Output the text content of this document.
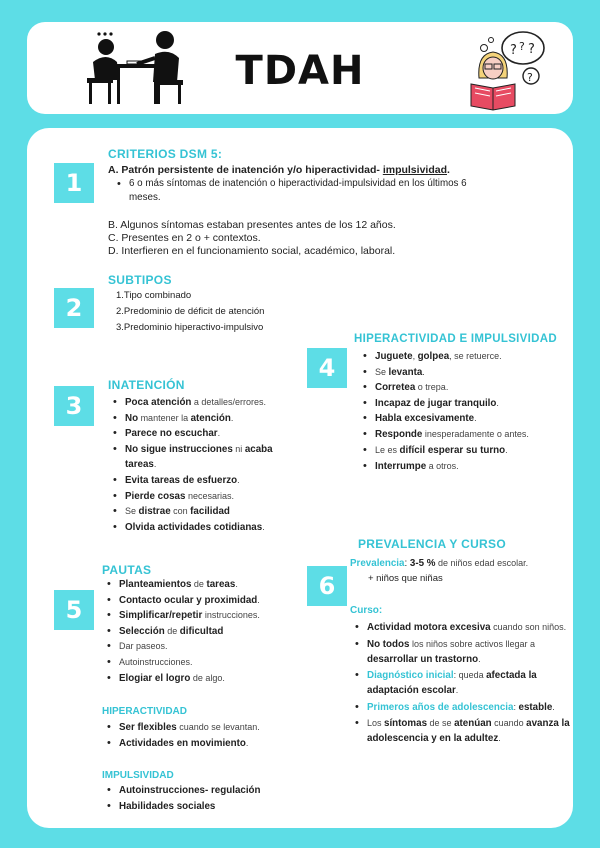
TDAH	? ? ?
?
1
CRITERIOS DSM 5:
A. Patrón persistente de inatención y/o hiperactividad- impulsividad.
• 6 o más síntomas de inatención o hiperactividad-impulsividad en los últimos 6
meses.
B. Algunos síntomas estaban presentes antes de los 12 años.
C. Presentes en 2 o + contextos.
D. Interfieren en el funcionamiento social, académico, laboral.
2
SUBTIPOS
1.Tipo combinado
2.Predominio de déficit de atención
3.Predominio hiperactivo-impulsivo
3
INATENCIÓN
• Poca atención a detalles/errores.
• No mantener la atención.
• Parece no escuchar.
• No sigue instrucciones ni acaba tareas.
• Evita tareas de esfuerzo.
• Pierde cosas necesarias.
• Se distrae con facilidad
• Olvida actividades cotidianas.
4
HIPERACTIVIDAD E IMPULSIVIDAD
• Juguete, golpea, se retuerce.
• Se levanta.
• Corretea o trepa.
• Incapaz de jugar tranquilo.
• Habla excesivamente.
• Responde inesperadamente o antes.
• Le es difícil esperar su turno.
• Interrumpe a otros.
5
PAUTAS
• Planteamientos de tareas.
• Contacto ocular y proximidad.
• Simplificar/repetir instrucciones.
• Selección de dificultad
• Dar paseos.
• Autoinstrucciones.
• Elogiar el logro de algo.
HIPERACTIVIDAD
• Ser flexibles cuando se levantan.
• Actividades en movimiento.
IMPULSIVIDAD
• Autoinstrucciones- regulación
• Habilidades sociales
6
PREVALENCIA Y CURSO
Prevalencia: 3-5 % de niños edad escolar.
+ niños que niñas
Curso:
• Actividad motora excesiva cuando son niños.
• No todos los niños sobre activos llegar a desarrollar un trastorno.
• Diagnóstico inicial: queda afectada la adaptación escolar.
• Primeros años de adolescencia: estable.
• Los síntomas de se atenúan cuando avanza la adolescencia y en la adultez.
